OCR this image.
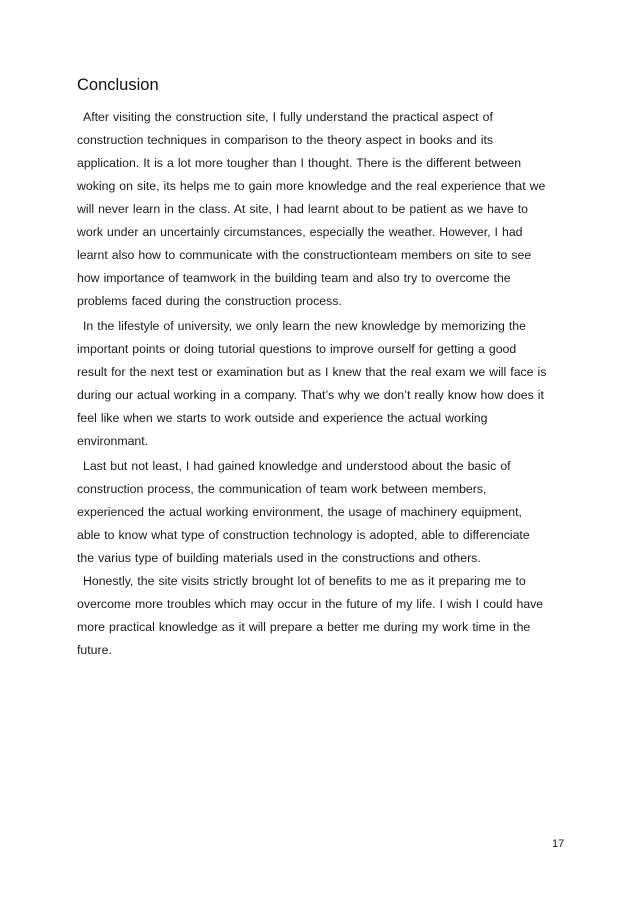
Conclusion
After visiting the construction site, I fully understand the practical aspect of
construction techniques in comparison to the theory aspect in books and its
application. It is a lot more tougher than I thought. There is the different between
woking on site, its helps me to gain more knowledge and the real experience that we
will never learn in the class. At site, I had learnt about to be patient as we have to
work under an uncertainly circumstances, especially the weather. However, I had
learnt also how to communicate with the constructionteam members on site to see
how importance of teamwork in the building team and also try to overcome the
problems faced during the construction process.
In the lifestyle of university, we only learn the new knowledge by memorizing the
important points or doing tutorial questions to improve ourself for getting a good
result for the next test or examination but as I knew that the real exam we will face is
during our actual working in a company. That’s why we don’t really know how does it
feel like when we starts to work outside and experience the actual working
environmant.
Last but not least, I had gained knowledge and understood about the basic of
construction process, the communication of team work between members,
experienced the actual working environment, the usage of machinery equipment,
able to know what type of construction technology is adopted, able to differenciate
the varius type of building materials used in the constructions and others.
Honestly, the site visits strictly brought lot of benefits to me as it preparing me to
overcome more troubles which may occur in the future of my life. I wish I could have
more practical knowledge as it will prepare a better me during my work time in the
future.
17
